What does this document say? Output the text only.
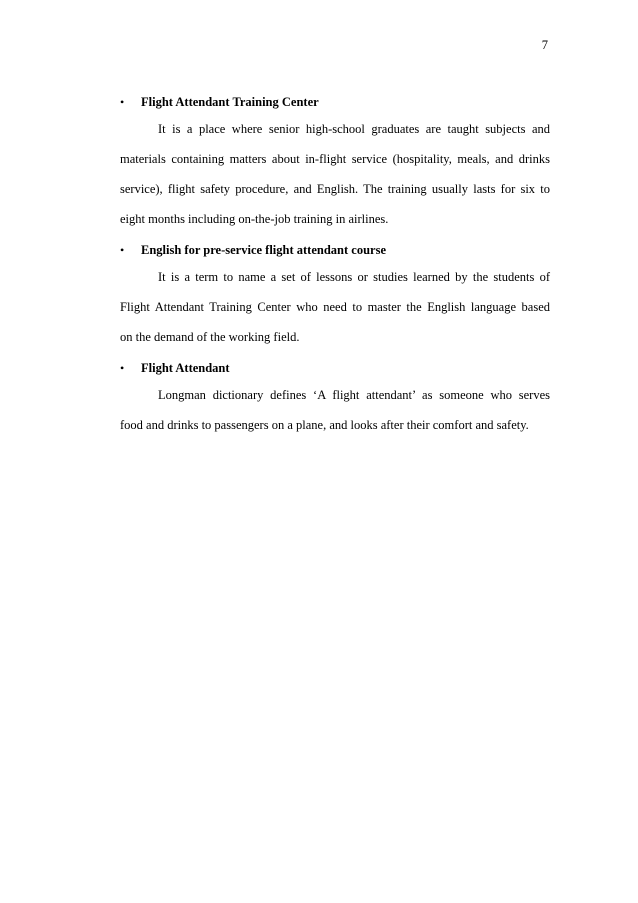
7
• Flight Attendant Training Center
It is a place where senior high-school graduates are taught subjects and
materials containing matters about in-flight service (hospitality, meals, and drinks
service), flight safety procedure, and English. The training usually lasts for six to
eight months including on-the-job training in airlines.
• English for pre-service flight attendant course
It is a term to name a set of lessons or studies learned by the students of
Flight Attendant Training Center who need to master the English language based
on the demand of the working field.
• Flight Attendant
Longman dictionary defines ‘A flight attendant’ as someone who serves
food and drinks to passengers on a plane, and looks after their comfort and safety.
